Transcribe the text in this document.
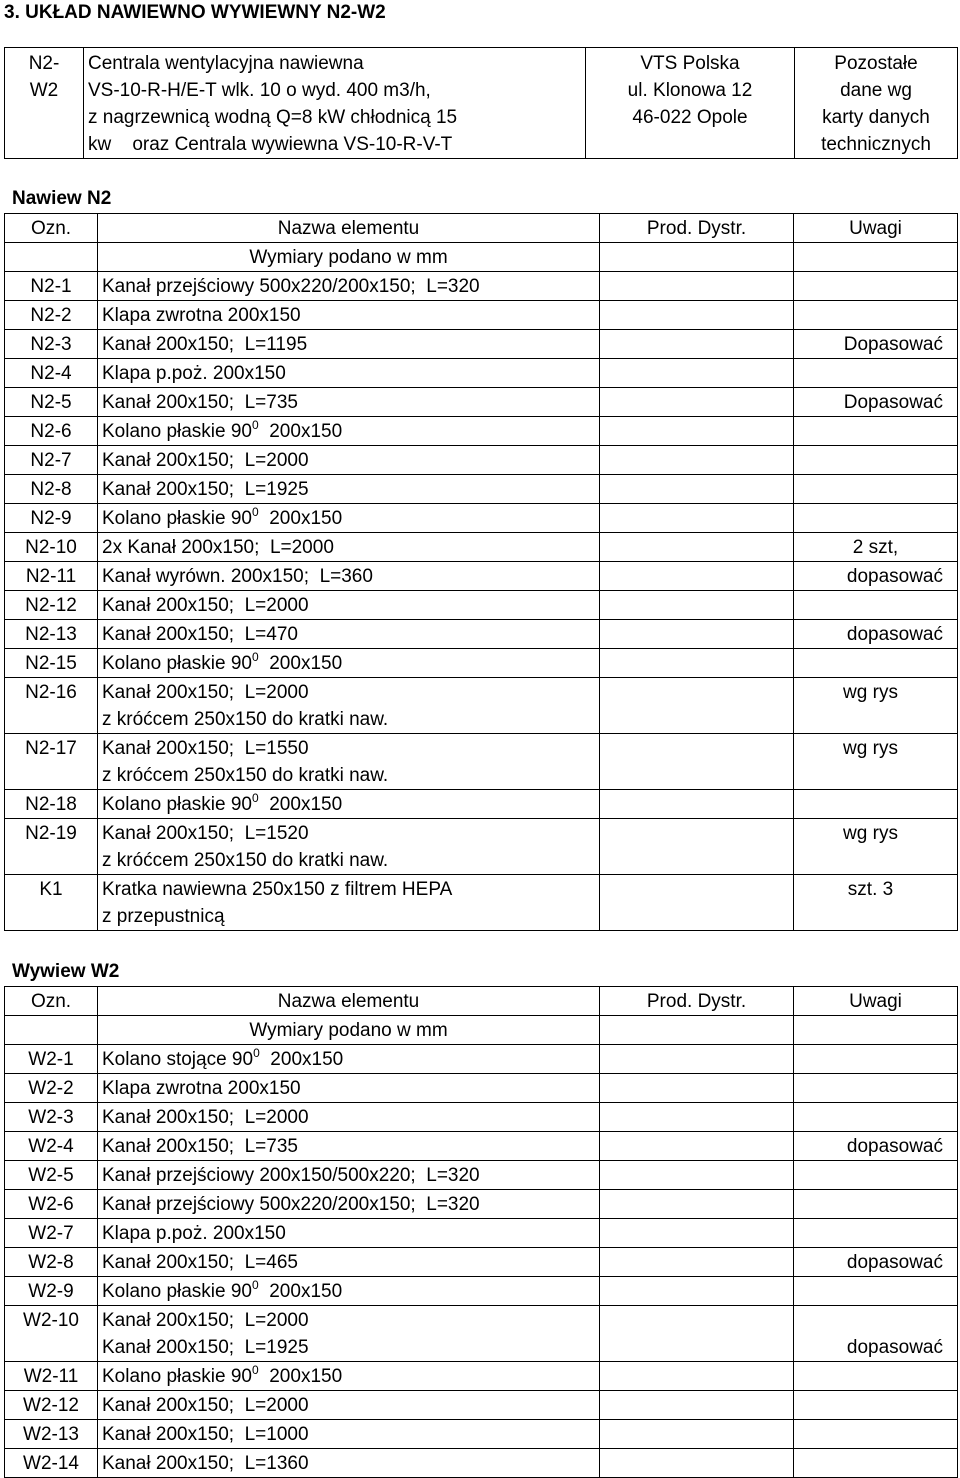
3. UKŁAD NAWIEWNO WYWIEWNY N2-W2
N2-
W2

Centrala wentylacyjna nawiewna
VS-10-R-H/E-T wlk. 10 o wyd. 400 m3/h,
z nagrzewnicą wodną Q=8 kW chłodnicą 15
kw    oraz Centrala wywiewna VS-10-R-V-T

VTS Polska
ul. Klonowa 12
46-022 Opole

Pozostałe
dane wg
karty danych
technicznych
Nawiew N2
Ozn.	Nazwa elementu	Prod. Dystr.	Uwagi
	Wymiary podano w mm		
N2-1	Kanał przejściowy 500x220/200x150;  L=320		
N2-2	Klapa zwrotna 200x150		
N2-3	Kanał 200x150;  L=1195		Dopasować
N2-4	Klapa p.poż. 200x150		
N2-5	Kanał 200x150;  L=735		Dopasować
N2-6	Kolano płaskie $90^0$  200x150		
N2-7	Kanał 200x150;  L=2000		
N2-8	Kanał 200x150;  L=1925		
N2-9	Kolano płaskie $90^0$  200x150		
N2-10	2x Kanał 200x150;  L=2000		2 szt,
N2-11	Kanał wyrówn. 200x150;  L=360		dopasować
N2-12	Kanał 200x150;  L=2000		
N2-13	Kanał 200x150;  L=470		dopasować
N2-15	Kolano płaskie $90^0$  200x150		
N2-16	Kanał 200x150;  L=2000
z króćcem 250x150 do kratki naw.		wg rys
N2-17	Kanał 200x150;  L=1550
z króćcem 250x150 do kratki naw.		wg rys
N2-18	Kolano płaskie $90^0$  200x150		
N2-19	Kanał 200x150;  L=1520
z króćcem 250x150 do kratki naw.		wg rys
K1	Kratka nawiewna 250x150 z filtrem HEPA
z przepustnicą		szt. 3
Wywiew W2
Ozn.	Nazwa elementu	Prod. Dystr.	Uwagi
	Wymiary podano w mm		
W2-1	Kolano stojące $90^0$  200x150		
W2-2	Klapa zwrotna 200x150		
W2-3	Kanał 200x150;  L=2000		
W2-4	Kanał 200x150;  L=735		dopasować
W2-5	Kanał przejściowy 200x150/500x220;  L=320		
W2-6	Kanał przejściowy 500x220/200x150;  L=320		
W2-7	Klapa p.poż. 200x150		
W2-8	Kanał 200x150;  L=465		dopasować
W2-9	Kolano płaskie $90^0$  200x150		
W2-10	Kanał 200x150;  L=2000
Kanał 200x150;  L=1925		dopasować
W2-11	Kolano płaskie $90^0$  200x150		
W2-12	Kanał 200x150;  L=2000		
W2-13	Kanał 200x150;  L=1000		
W2-14	Kanał 200x150;  L=1360		
